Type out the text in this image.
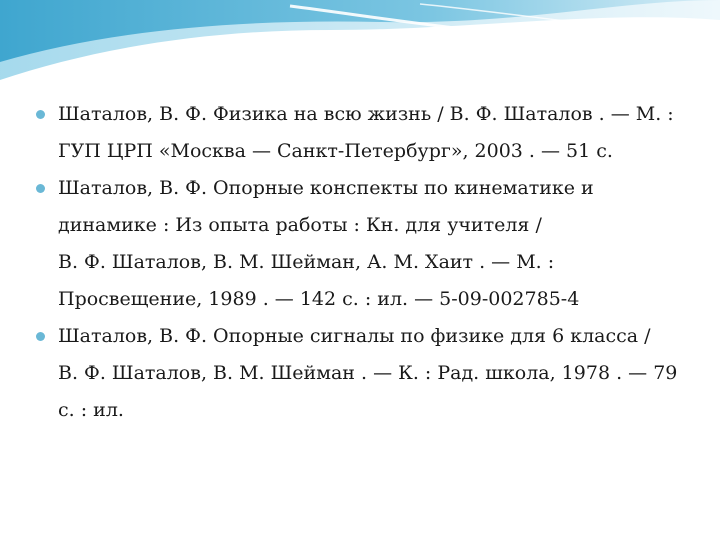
Шаталов, В. Ф. Физика на всю жизнь / В. Ф. Шаталов . — М. :
ГУП ЦРП «Москва — Санкт-Петербург», 2003 . — 51 с.
Шаталов, В. Ф. Опорные конспекты по кинематике и
динамике : Из опыта работы : Кн. для учителя /
В. Ф. Шаталов, В. М. Шейман, А. М. Хаит . — М. :
Просвещение, 1989 . — 142 с. : ил. — 5-09-002785-4
Шаталов, В. Ф. Опорные сигналы по физике для 6 класса /
В. Ф. Шаталов, В. М. Шейман . — К. : Рад. школа, 1978 . — 79
с. : ил.
